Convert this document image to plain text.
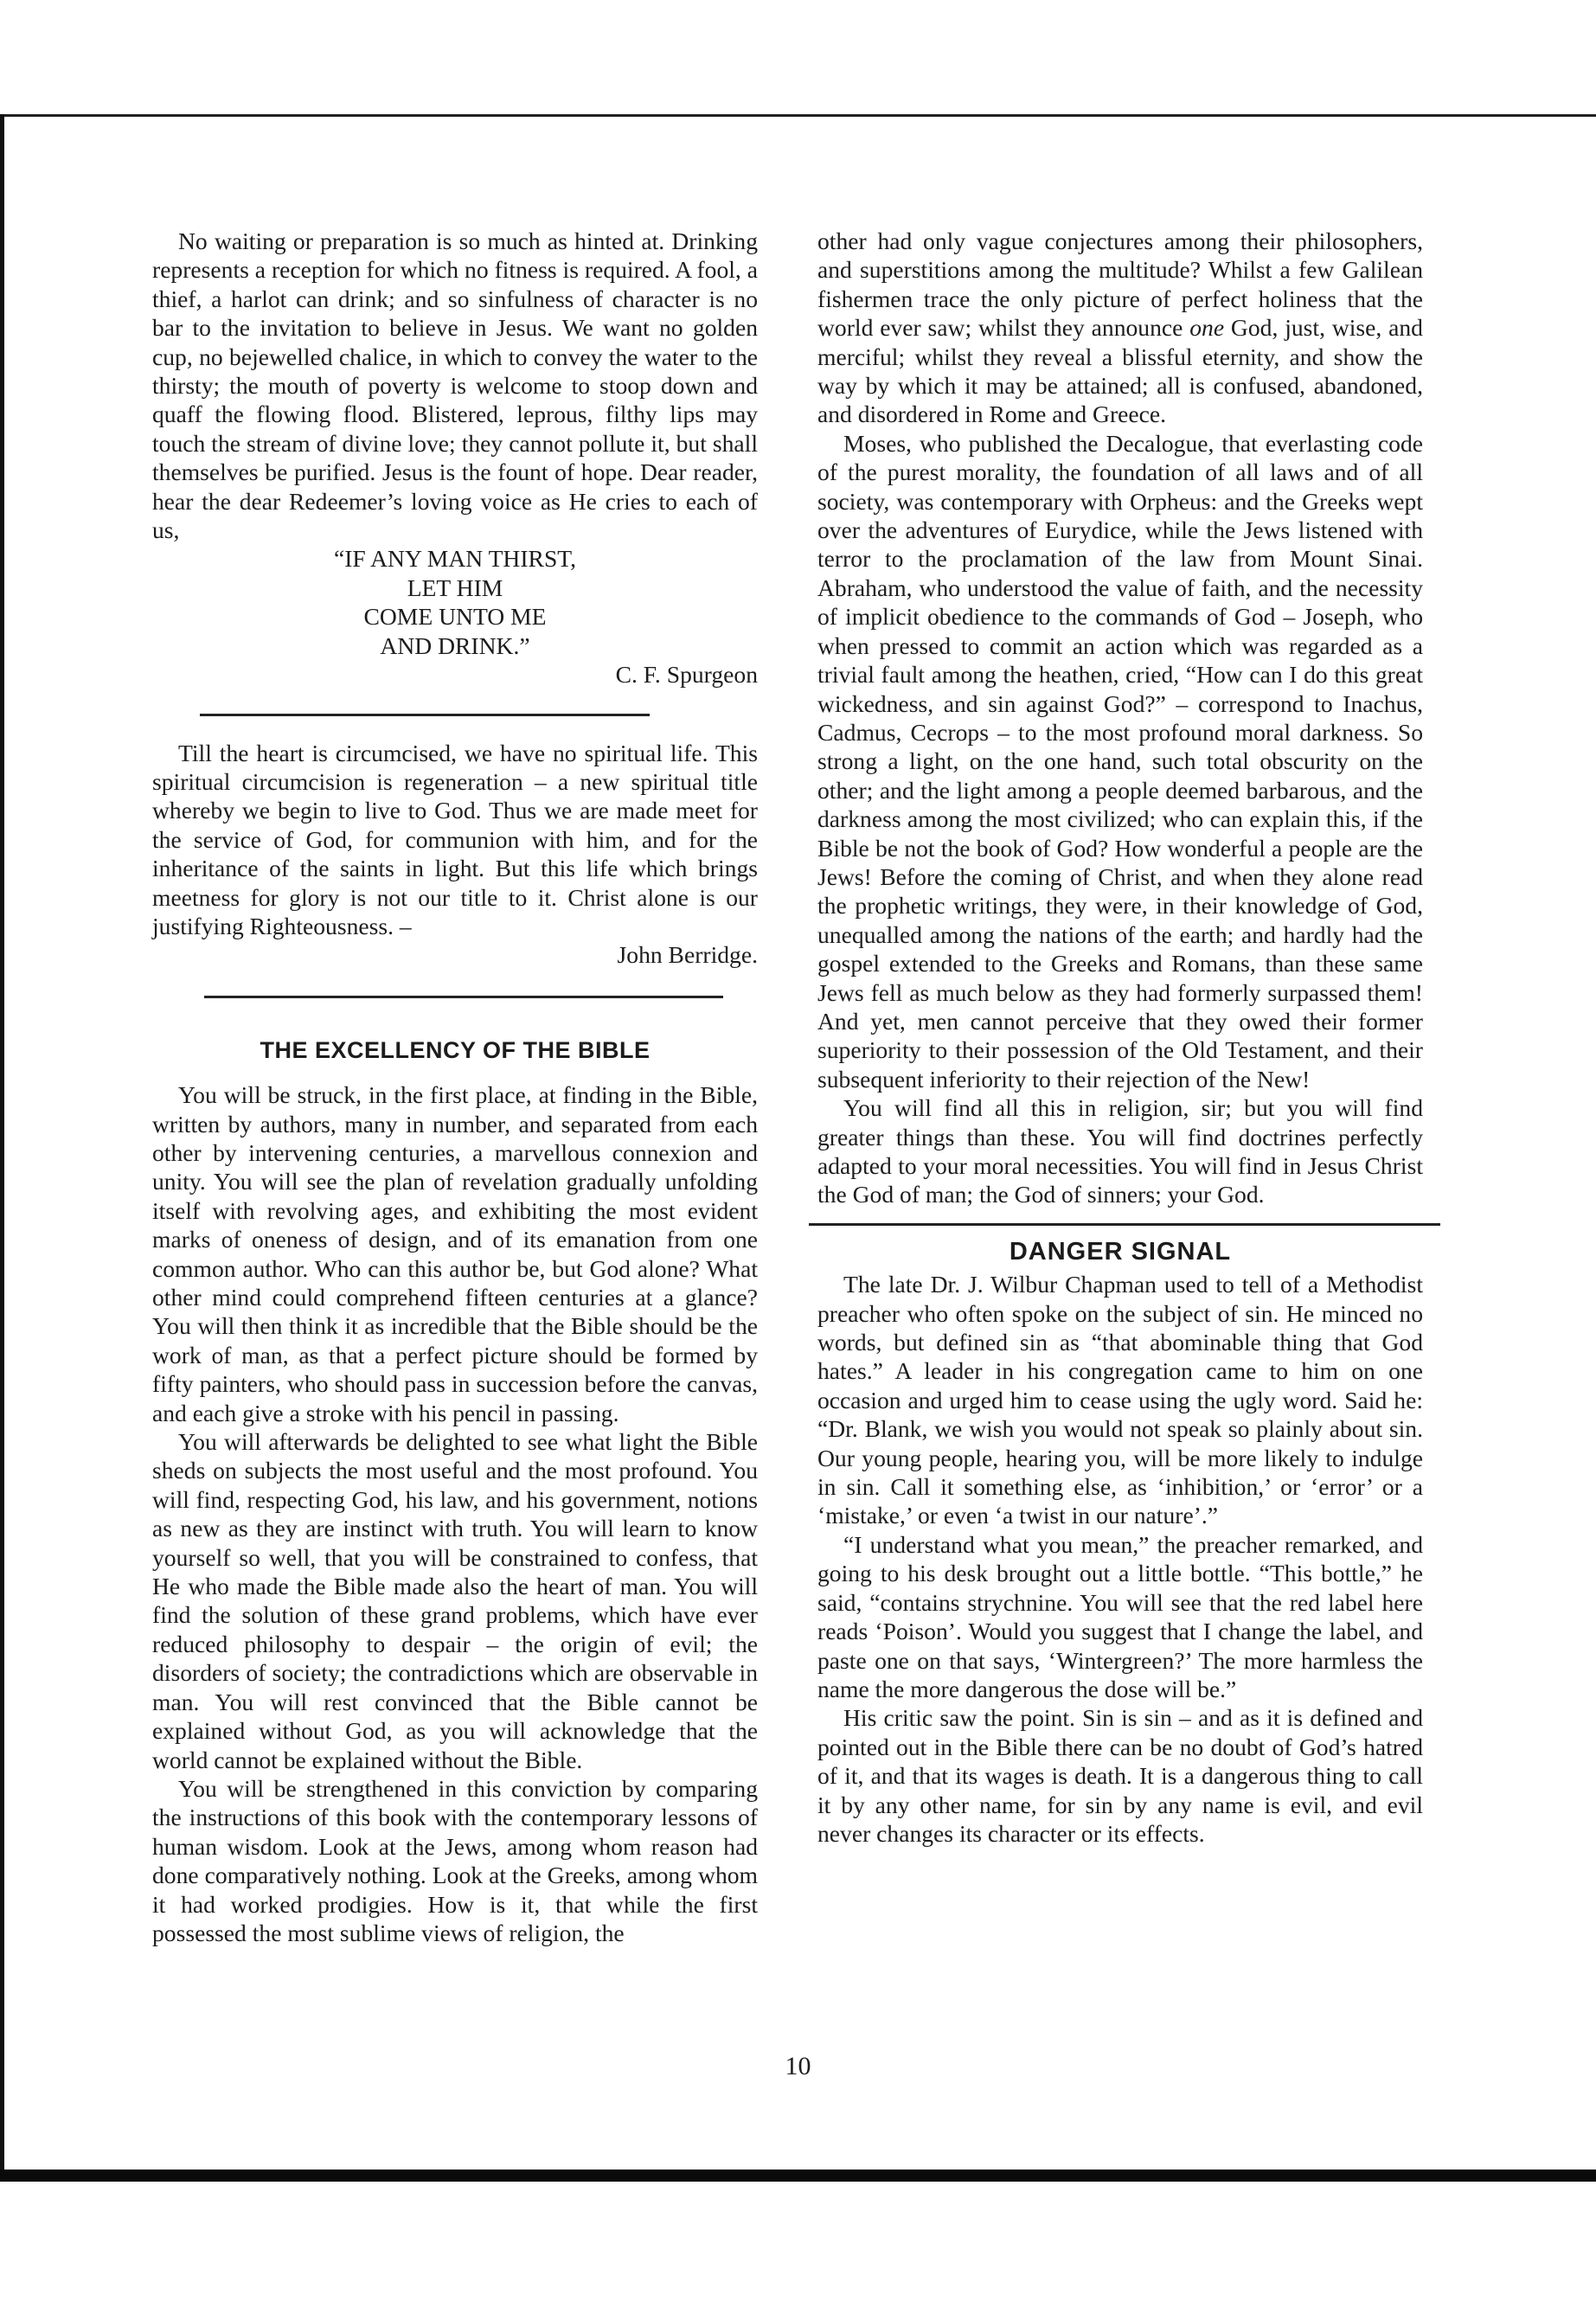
No waiting or preparation is so much as hinted at. Drinking represents a reception for which no fitness is required. A fool, a thief, a harlot can drink; and so sinfulness of character is no bar to the invitation to believe in Jesus. We want no golden cup, no bejewelled chalice, in which to convey the water to the thirsty; the mouth of poverty is welcome to stoop down and quaff the flowing flood. Blistered, leprous, filthy lips may touch the stream of divine love; they cannot pollute it, but shall themselves be purified. Jesus is the fount of hope. Dear reader, hear the dear Redeemer’s loving voice as He cries to each of us,

“IF ANY MAN THIRST,
LET HIM
COME UNTO ME
AND DRINK.”
C. F. Spurgeon

Till the heart is circumcised, we have no spiritual life. This spiritual circumcision is regeneration – a new spiritual title whereby we begin to live to God. Thus we are made meet for the service of God, for communion with him, and for the inheritance of the saints in light. But this life which brings meetness for glory is not our title to it. Christ alone is our justifying Righteousness. –

John Berridge.
THE EXCELLENCY OF THE BIBLE

You will be struck, in the first place, at finding in the Bible, written by authors, many in number, and separated from each other by intervening centuries, a marvellous connexion and unity. You will see the plan of revelation gradually unfolding itself with revolving ages, and exhibiting the most evident marks of oneness of design, and of its emanation from one common author. Who can this author be, but God alone? What other mind could comprehend fifteen centuries at a glance? You will then think it as incredible that the Bible should be the work of man, as that a perfect picture should be formed by fifty painters, who should pass in succession before the canvas, and each give a stroke with his pencil in passing.

You will afterwards be delighted to see what light the Bible sheds on subjects the most useful and the most profound. You will find, respecting God, his law, and his government, notions as new as they are instinct with truth. You will learn to know yourself so well, that you will be constrained to confess, that He who made the Bible made also the heart of man. You will find the solution of these grand problems, which have ever reduced philosophy to despair – the origin of evil; the disorders of society; the contradictions which are observable in man. You will rest convinced that the Bible cannot be explained without God, as you will acknowledge that the world cannot be explained without the Bible.

You will be strengthened in this conviction by comparing the instructions of this book with the contemporary lessons of human wisdom. Look at the Jews, among whom reason had done comparatively nothing. Look at the Greeks, among whom it had worked prodigies. How is it, that while the first possessed the most sublime views of religion, the

other had only vague conjectures among their philosophers, and superstitions among the multitude? Whilst a few Galilean fishermen trace the only picture of perfect holiness that the world ever saw; whilst they announce one God, just, wise, and merciful; whilst they reveal a blissful eternity, and show the way by which it may be attained; all is confused, abandoned, and disordered in Rome and Greece.

Moses, who published the Decalogue, that everlasting code of the purest morality, the foundation of all laws and of all society, was contemporary with Orpheus: and the Greeks wept over the adventures of Eurydice, while the Jews listened with terror to the proclamation of the law from Mount Sinai. Abraham, who understood the value of faith, and the necessity of implicit obedience to the commands of God – Joseph, who when pressed to commit an action which was regarded as a trivial fault among the heathen, cried, “How can I do this great wickedness, and sin against God?” – correspond to Inachus, Cadmus, Cecrops – to the most profound moral darkness. So strong a light, on the one hand, such total obscurity on the other; and the light among a people deemed barbarous, and the darkness among the most civilized; who can explain this, if the Bible be not the book of God? How wonderful a people are the Jews! Before the coming of Christ, and when they alone read the prophetic writings, they were, in their knowledge of God, unequalled among the nations of the earth; and hardly had the gospel extended to the Greeks and Romans, than these same Jews fell as much below as they had formerly surpassed them! And yet, men cannot perceive that they owed their former superiority to their possession of the Old Testament, and their subsequent inferiority to their rejection of the New!

You will find all this in religion, sir; but you will find greater things than these. You will find doctrines perfectly adapted to your moral necessities. You will find in Jesus Christ the God of man; the God of sinners; your God.

DANGER SIGNAL

The late Dr. J. Wilbur Chapman used to tell of a Methodist preacher who often spoke on the subject of sin. He minced no words, but defined sin as “that abominable thing that God hates.” A leader in his congregation came to him on one occasion and urged him to cease using the ugly word. Said he: “Dr. Blank, we wish you would not speak so plainly about sin. Our young people, hearing you, will be more likely to indulge in sin. Call it something else, as ‘inhibition,’ or ‘error’ or a ‘mistake,’ or even ‘a twist in our nature’.”

“I understand what you mean,” the preacher remarked, and going to his desk brought out a little bottle. “This bottle,” he said, “contains strychnine. You will see that the red label here reads ‘Poison’. Would you suggest that I change the label, and paste one on that says, ‘Wintergreen?’ The more harmless the name the more dangerous the dose will be.”

His critic saw the point. Sin is sin – and as it is defined and pointed out in the Bible there can be no doubt of God’s hatred of it, and that its wages is death. It is a dangerous thing to call it by any other name, for sin by any name is evil, and evil never changes its character or its effects.

10
